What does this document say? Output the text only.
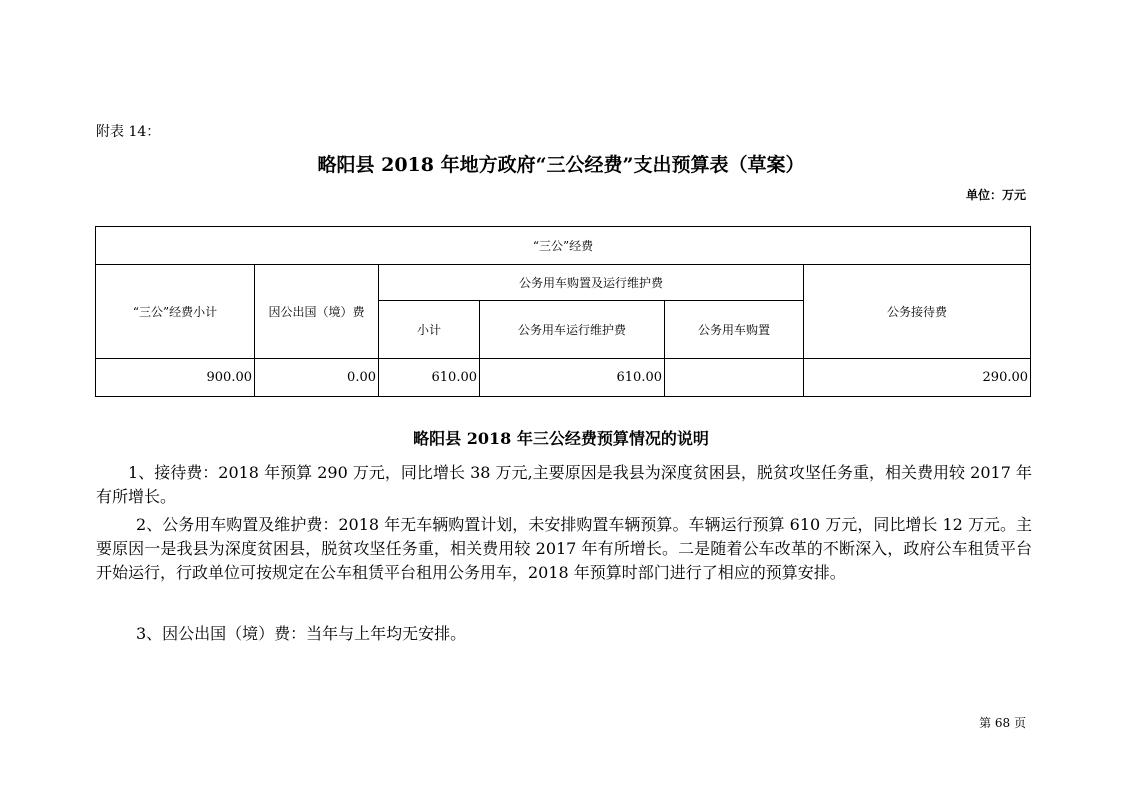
附表 14：
略阳县 2018 年地方政府“三公经费”支出预算表（草案）
单位：万元
“三公”经费					
“三公”经费小计	因公出国（境）费	公务用车购置及运行维护费			公务接待费
		小计	公务用车运行维护费	公务用车购置	
900.00	0.00	610.00	610.00		290.00
略阳县 2018 年三公经费预算情况的说明
1、接待费：2018 年预算 290 万元，同比增长 38 万元,主要原因是我县为深度贫困县，脱贫攻坚任务重，相关费用较 2017 年有所增长。
2、公务用车购置及维护费：2018 年无车辆购置计划，未安排购置车辆预算。车辆运行预算 610 万元，同比增长 12 万元。主要原因一是我县为深度贫困县，脱贫攻坚任务重，相关费用较 2017 年有所增长。二是随着公车改革的不断深入，政府公车租赁平台开始运行，行政单位可按规定在公车租赁平台租用公务用车，2018 年预算时部门进行了相应的预算安排。
3、因公出国（境）费：当年与上年均无安排。
第 68 页
